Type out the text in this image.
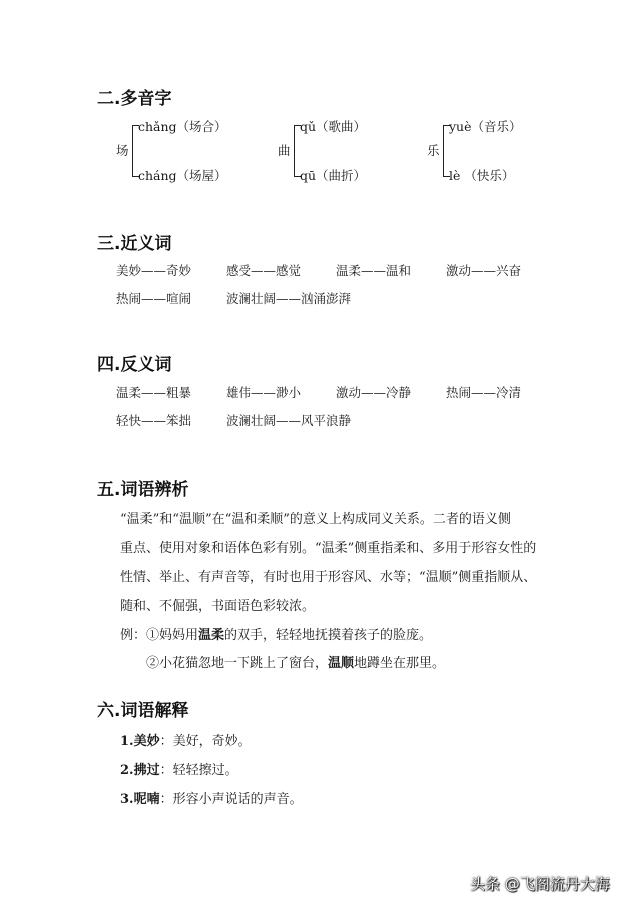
二.多音字
场
chǎng（场合）
cháng（场屋）
曲
qǔ（歌曲）
qū（曲折）
乐
yuè（音乐）
lè （快乐）
三.近义词
美妙——奇妙	感受——感觉	温柔——温和	激动——兴奋
热闹——喧闹	波澜壮阔——汹涌澎湃
四.反义词
温柔——粗暴	雄伟——渺小	激动——冷静	热闹——冷清
轻快——笨拙	波澜壮阔——风平浪静
五.词语辨析
“温柔”和“温顺”在“温和柔顺”的意义上构成同义关系。二者的语义侧
重点、使用对象和语体色彩有别。“温柔”侧重指柔和、多用于形容女性的
性情、举止、有声音等，有时也用于形容风、水等；“温顺”侧重指顺从、
随和、不倔强，书面语色彩较浓。
例：①妈妈用温柔的双手，轻轻地抚摸着孩子的脸庞。
②小花猫忽地一下跳上了窗台，温顺地蹲坐在那里。
六.词语解释
1.美妙：美好，奇妙。
2.拂过：轻轻擦过。
3.呢喃：形容小声说话的声音。
头条 @飞阁流丹大海
